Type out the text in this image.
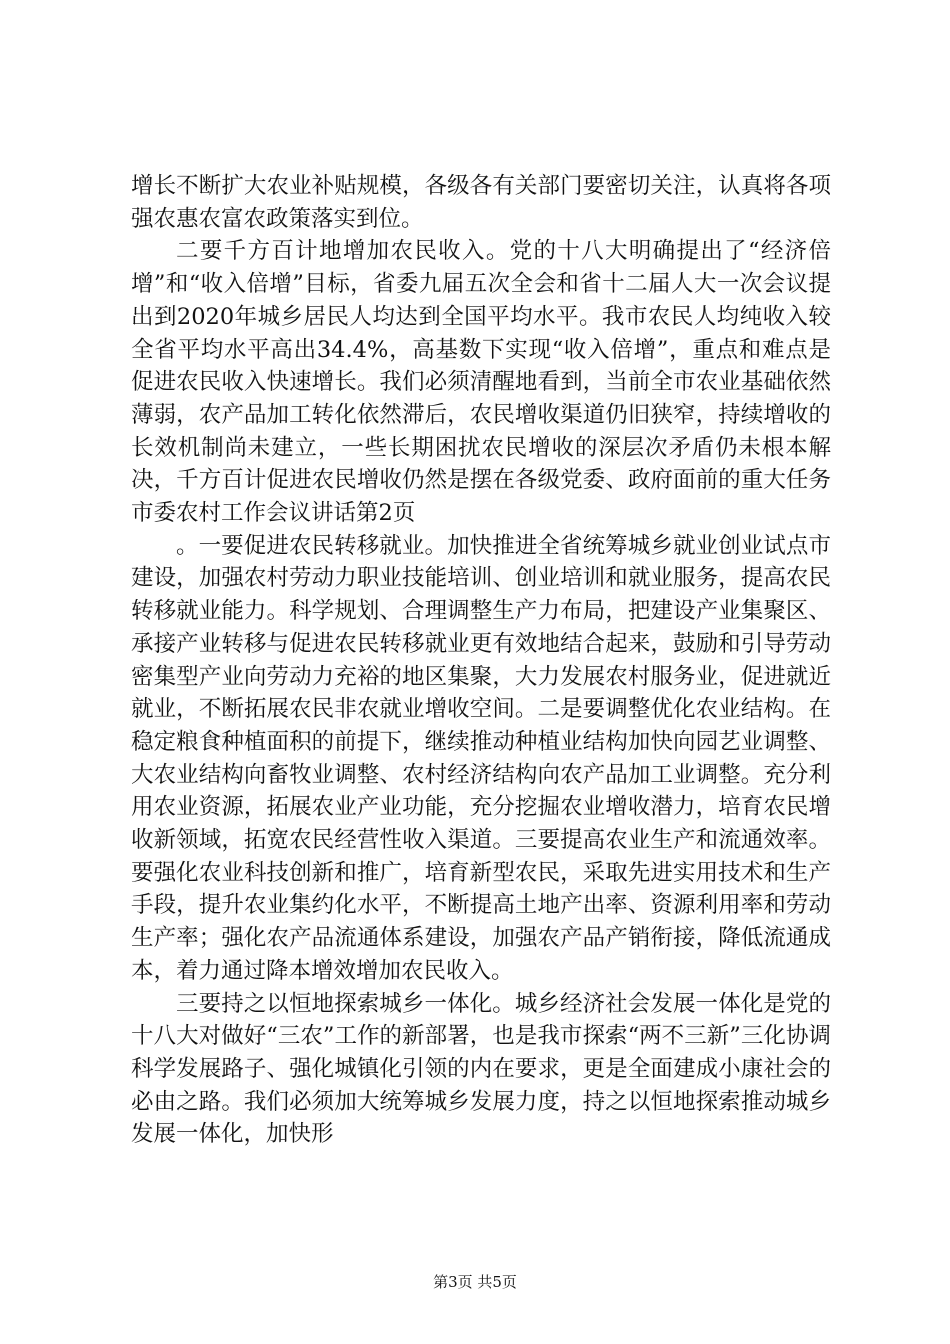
增长不断扩大农业补贴规模，各级各有关部门要密切关注，认真将各项强农惠农富农政策落实到位。

二要千方百计地增加农民收入。党的十八大明确提出了“经济倍增”和“收入倍增”目标，省委九届五次全会和省十二届人大一次会议提出到2020年城乡居民人均达到全国平均水平。我市农民人均纯收入较全省平均水平高出34.4%，高基数下实现“收入倍增”，重点和难点是促进农民收入快速增长。我们必须清醒地看到，当前全市农业基础依然薄弱，农产品加工转化依然滞后，农民增收渠道仍旧狭窄，持续增收的长效机制尚未建立，一些长期困扰农民增收的深层次矛盾仍未根本解决，千方百计促进农民增收仍然是摆在各级党委、政府面前的重大任务市委农村工作会议讲话第2页

。一要促进农民转移就业。加快推进全省统筹城乡就业创业试点市建设，加强农村劳动力职业技能培训、创业培训和就业服务，提高农民转移就业能力。科学规划、合理调整生产力布局，把建设产业集聚区、承接产业转移与促进农民转移就业更有效地结合起来，鼓励和引导劳动密集型产业向劳动力充裕的地区集聚，大力发展农村服务业，促进就近就业，不断拓展农民非农就业增收空间。二是要调整优化农业结构。在稳定粮食种植面积的前提下，继续推动种植业结构加快向园艺业调整、大农业结构向畜牧业调整、农村经济结构向农产品加工业调整。充分利用农业资源，拓展农业产业功能，充分挖掘农业增收潜力，培育农民增收新领域，拓宽农民经营性收入渠道。三要提高农业生产和流通效率。要强化农业科技创新和推广，培育新型农民，采取先进实用技术和生产手段，提升农业集约化水平，不断提高土地产出率、资源利用率和劳动生产率；强化农产品流通体系建设，加强农产品产销衔接，降低流通成本，着力通过降本增效增加农民收入。

三要持之以恒地探索城乡一体化。城乡经济社会发展一体化是党的十八大对做好“三农”工作的新部署，也是我市探索“两不三新”三化协调科学发展路子、强化城镇化引领的内在要求，更是全面建成小康社会的必由之路。我们必须加大统筹城乡发展力度，持之以恒地探索推动城乡发展一体化，加快形

第3页 共5页
